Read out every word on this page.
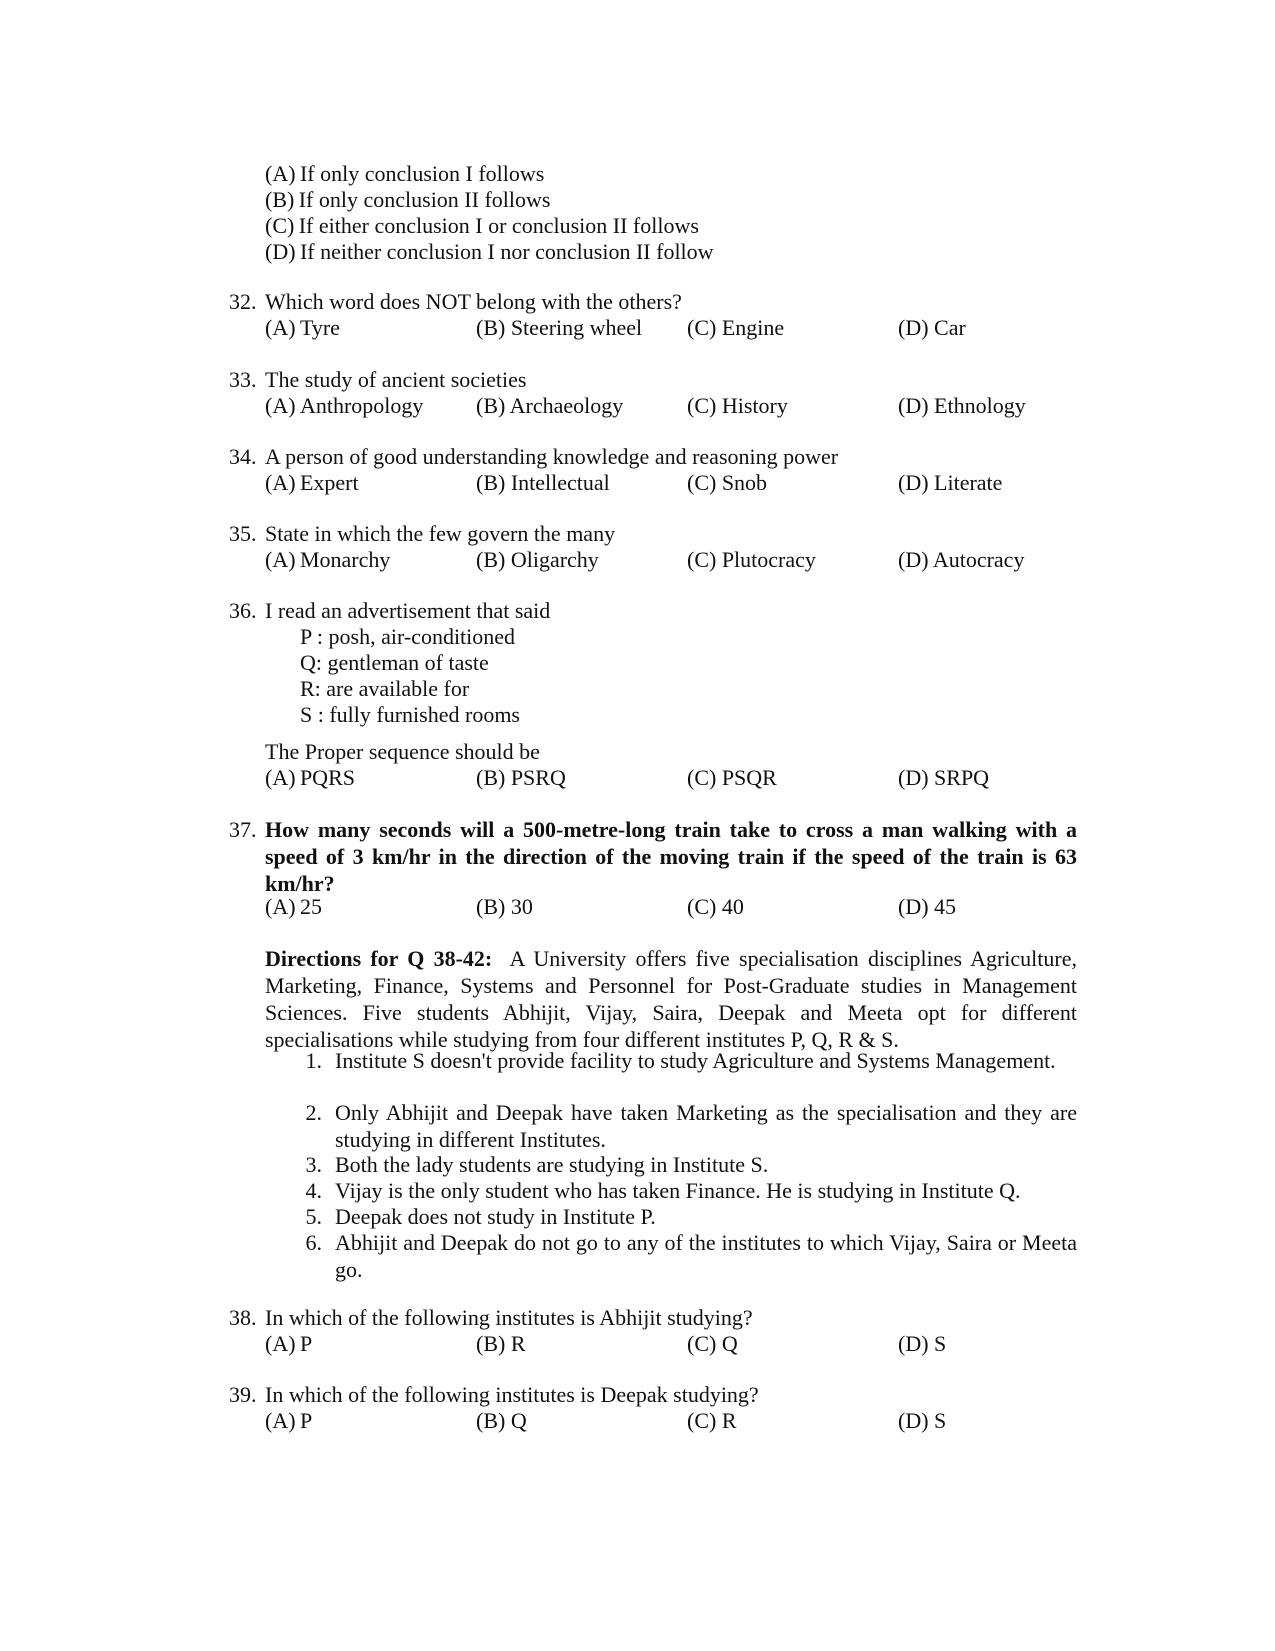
(A) If only conclusion I follows
(B) If only conclusion II follows
(C) If either conclusion I or conclusion II follows
(D) If neither conclusion I nor conclusion II follow
32. Which word does NOT belong with the others?
(A) Tyre	(B) Steering wheel (C) Engine	(D) Car
33. The study of ancient societies
(A) Anthropology (B) Archaeology	(C) History	(D) Ethnology
34. A person of good understanding knowledge and reasoning power
(A) Expert	(B) Intellectual	(C) Snob	(D) Literate
35. State in which the few govern the many
(A) Monarchy	(B) Oligarchy	(C) Plutocracy	(D) Autocracy
36. I read an advertisement that said
P : posh, air-conditioned
Q: gentleman of taste
R: are available for
S : fully furnished rooms
The Proper sequence should be
(A) PQRS	(B) PSRQ	(C) PSQR	(D) SRPQ
37. How many seconds will a 500-metre-long train take to cross a man walking with a speed of 3 km/hr in the direction of the moving train if the speed of the train is 63 km/hr?
(A) 25	(B) 30	(C) 40	(D) 45
Directions for Q 38-42: A University offers five specialisation disciplines Agriculture, Marketing, Finance, Systems and Personnel for Post-Graduate studies in Management Sciences. Five students Abhijit, Vijay, Saira, Deepak and Meeta opt for different specialisations while studying from four different institutes P, Q, R & S.
1. Institute S doesn't provide facility to study Agriculture and Systems Management.
2. Only Abhijit and Deepak have taken Marketing as the specialisation and they are studying in different Institutes.
3. Both the lady students are studying in Institute S.
4. Vijay is the only student who has taken Finance. He is studying in Institute Q.
5. Deepak does not study in Institute P.
6. Abhijit and Deepak do not go to any of the institutes to which Vijay, Saira or Meeta go.
38. In which of the following institutes is Abhijit studying?
(A) P	(B) R	(C) Q	(D) S
39. In which of the following institutes is Deepak studying?
(A) P	(B) Q	(C) R	(D) S
